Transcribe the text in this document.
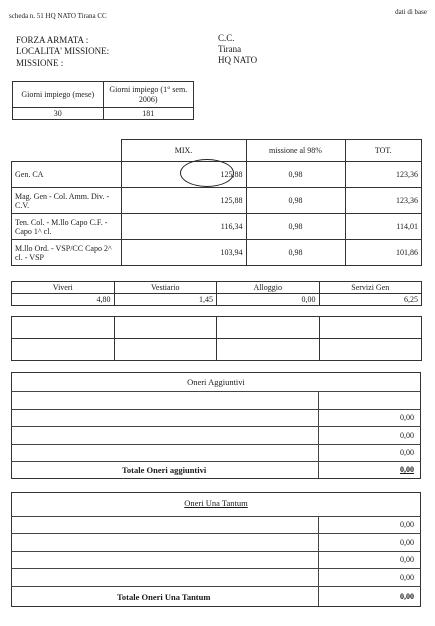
scheda n. 51 HQ NATO Tirana CC	dati di base
FORZA ARMATA :	C.C.
LOCALITA' MISSIONE:	Tirana
MISSIONE :	HQ NATO
Giorni impiego (mese)	Giorni impiego (1° sem. 2006)
30	181
	MIX.	missione al 98%	TOT.
Gen. CA	125,88	0,98	123,36
Mag. Gen - Col. Amm. Div. - C.V.	125,88	0,98	123,36
Ten. Col. - M.llo Capo C.F. - Capo 1^ cl.	116,34	0,98	114,01
M.llo Ord. - VSP/CC Capo 2^ cl. - VSP	103,94	0,98	101,86
Viveri	Vestiario	Alloggio	Servizi Gen
4,80	1,45	0,00	6,25

Oneri Aggiuntivi
0,00
0,00
0,00
Totale Oneri aggiuntivi	0,00
Oneri Una Tantum
0,00
0,00
0,00
0,00
Totale Oneri Una Tantum	0,00
